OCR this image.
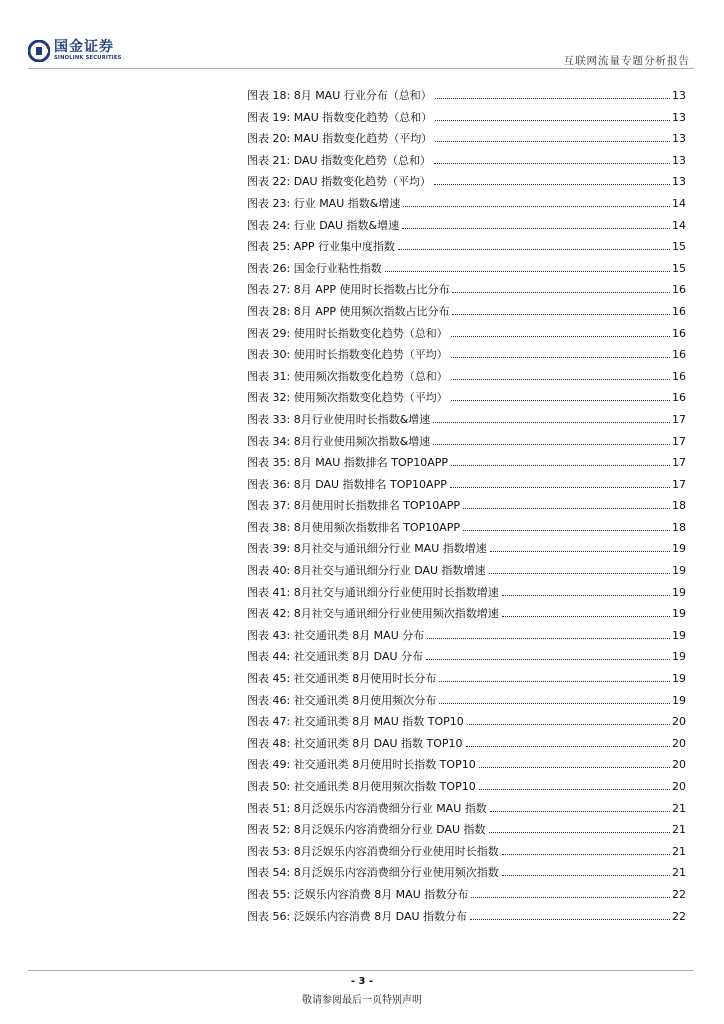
国金证券
SINOLINK SECURITIES	互联网流量专题分析报告
图表 18: 8月 MAU 行业分布（总和）	13
图表 19: MAU 指数变化趋势（总和）	13
图表 20: MAU 指数变化趋势（平均）	13
图表 21: DAU 指数变化趋势（总和）	13
图表 22: DAU 指数变化趋势（平均）	13
图表 23: 行业 MAU 指数&增速	14
图表 24: 行业 DAU 指数&增速	14
图表 25: APP 行业集中度指数	15
图表 26: 国金行业粘性指数	15
图表 27: 8月 APP 使用时长指数占比分布	16
图表 28: 8月 APP 使用频次指数占比分布	16
图表 29: 使用时长指数变化趋势（总和）	16
图表 30: 使用时长指数变化趋势（平均）	16
图表 31: 使用频次指数变化趋势（总和）	16
图表 32: 使用频次指数变化趋势（平均）	16
图表 33: 8月行业使用时长指数&增速	17
图表 34: 8月行业使用频次指数&增速	17
图表 35: 8月 MAU 指数排名 TOP10APP	17
图表 36: 8月 DAU 指数排名 TOP10APP	17
图表 37: 8月使用时长指数排名 TOP10APP	18
图表 38: 8月使用频次指数排名 TOP10APP	18
图表 39: 8月社交与通讯细分行业 MAU 指数增速	19
图表 40: 8月社交与通讯细分行业 DAU 指数增速	19
图表 41: 8月社交与通讯细分行业使用时长指数增速	19
图表 42: 8月社交与通讯细分行业使用频次指数增速	19
图表 43: 社交通讯类 8月 MAU 分布	19
图表 44: 社交通讯类 8月 DAU 分布	19
图表 45: 社交通讯类 8月使用时长分布	19
图表 46: 社交通讯类 8月使用频次分布	19
图表 47: 社交通讯类 8月 MAU 指数 TOP10	20
图表 48: 社交通讯类 8月 DAU 指数 TOP10	20
图表 49: 社交通讯类 8月使用时长指数 TOP10	20
图表 50: 社交通讯类 8月使用频次指数 TOP10	20
图表 51: 8月泛娱乐内容消费细分行业 MAU 指数	21
图表 52: 8月泛娱乐内容消费细分行业 DAU 指数	21
图表 53: 8月泛娱乐内容消费细分行业使用时长指数	21
图表 54: 8月泛娱乐内容消费细分行业使用频次指数	21
图表 55: 泛娱乐内容消费 8月 MAU 指数分布	22
图表 56: 泛娱乐内容消费 8月 DAU 指数分布	22
- 3 -
敬请参阅最后一页特别声明
